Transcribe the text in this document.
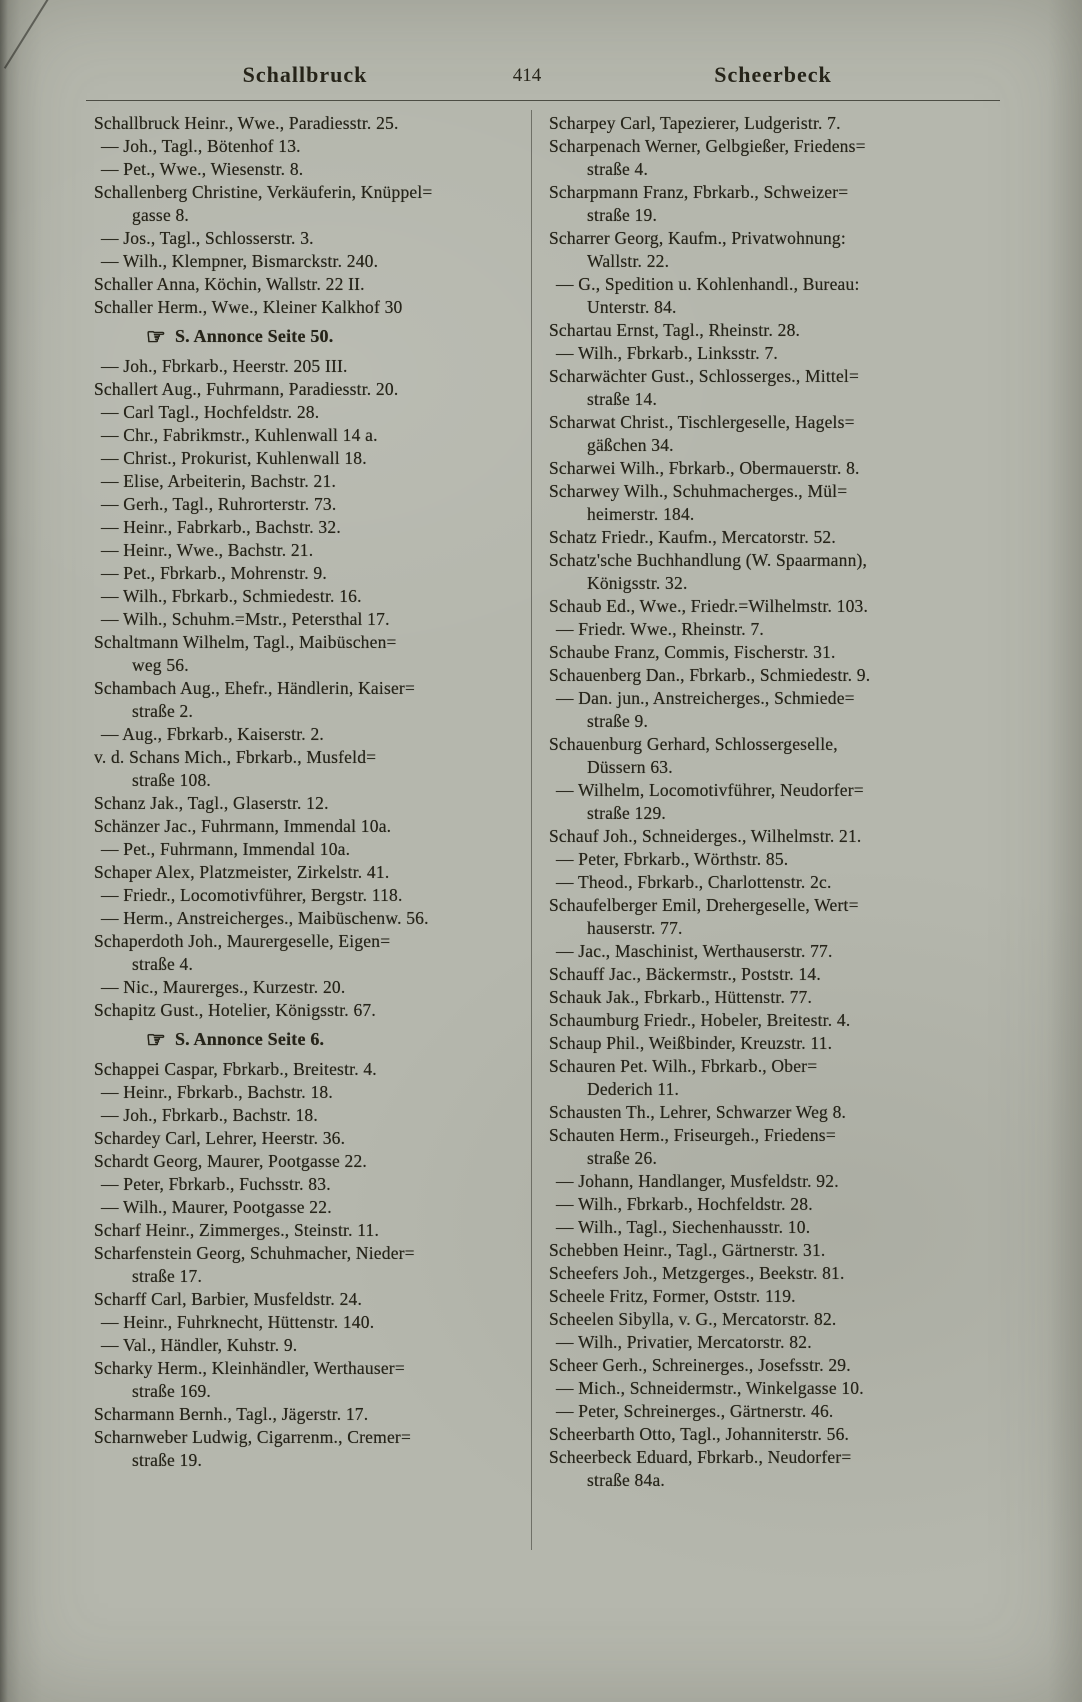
Schallbruck	414	Scheerbeck
Schallbruck Heinr., Wwe., Paradiesstr. 25.
— Joh., Tagl., Bötenhof 13.
— Pet., Wwe., Wiesenstr. 8.
Schallenberg Christine, Verkäuferin, Knüppel=
gasse 8.
— Jos., Tagl., Schlosserstr. 3.
— Wilh., Klempner, Bismarckstr. 240.
Schaller Anna, Köchin, Wallstr. 22 II.
Schaller Herm., Wwe., Kleiner Kalkhof 30
☞ S. Annonce Seite 50.
— Joh., Fbrkarb., Heerstr. 205 III.
Schallert Aug., Fuhrmann, Paradiesstr. 20.
— Carl Tagl., Hochfeldstr. 28.
— Chr., Fabrikmstr., Kuhlenwall 14 a.
— Christ., Prokurist, Kuhlenwall 18.
— Elise, Arbeiterin, Bachstr. 21.
— Gerh., Tagl., Ruhrorterstr. 73.
— Heinr., Fabrkarb., Bachstr. 32.
— Heinr., Wwe., Bachstr. 21.
— Pet., Fbrkarb., Mohrenstr. 9.
— Wilh., Fbrkarb., Schmiedestr. 16.
— Wilh., Schuhm.=Mstr., Petersthal 17.
Schaltmann Wilhelm, Tagl., Maibüschen=
weg 56.
Schambach Aug., Ehefr., Händlerin, Kaiser=
straße 2.
— Aug., Fbrkarb., Kaiserstr. 2.
v. d. Schans Mich., Fbrkarb., Musfeld=
straße 108.
Schanz Jak., Tagl., Glaserstr. 12.
Schänzer Jac., Fuhrmann, Immendal 10a.
— Pet., Fuhrmann, Immendal 10a.
Schaper Alex, Platzmeister, Zirkelstr. 41.
— Friedr., Locomotivführer, Bergstr. 118.
— Herm., Anstreicherges., Maibüschenw. 56.
Schaperdoth Joh., Maurergeselle, Eigen=
straße 4.
— Nic., Maurerges., Kurzestr. 20.
Schapitz Gust., Hotelier, Königsstr. 67.
☞ S. Annonce Seite 6.
Schappei Caspar, Fbrkarb., Breitestr. 4.
— Heinr., Fbrkarb., Bachstr. 18.
— Joh., Fbrkarb., Bachstr. 18.
Schardey Carl, Lehrer, Heerstr. 36.
Schardt Georg, Maurer, Pootgasse 22.
— Peter, Fbrkarb., Fuchsstr. 83.
— Wilh., Maurer, Pootgasse 22.
Scharf Heinr., Zimmerges., Steinstr. 11.
Scharfenstein Georg, Schuhmacher, Nieder=
straße 17.
Scharff Carl, Barbier, Musfeldstr. 24.
— Heinr., Fuhrknecht, Hüttenstr. 140.
— Val., Händler, Kuhstr. 9.
Scharky Herm., Kleinhändler, Werthauser=
straße 169.
Scharmann Bernh., Tagl., Jägerstr. 17.
Scharnweber Ludwig, Cigarrenm., Cremer=
straße 19.
Scharpey Carl, Tapezierer, Ludgeristr. 7.
Scharpenach Werner, Gelbgießer, Friedens=
straße 4.
Scharpmann Franz, Fbrkarb., Schweizer=
straße 19.
Scharrer Georg, Kaufm., Privatwohnung:
Wallstr. 22.
— G., Spedition u. Kohlenhandl., Bureau:
Unterstr. 84.
Schartau Ernst, Tagl., Rheinstr. 28.
— Wilh., Fbrkarb., Linksstr. 7.
Scharwächter Gust., Schlosserges., Mittel=
straße 14.
Scharwat Christ., Tischlergeselle, Hagels=
gäßchen 34.
Scharwei Wilh., Fbrkarb., Obermauerstr. 8.
Scharwey Wilh., Schuhmacherges., Mül=
heimerstr. 184.
Schatz Friedr., Kaufm., Mercatorstr. 52.
Schatz'sche Buchhandlung (W. Spaarmann),
Königsstr. 32.
Schaub Ed., Wwe., Friedr.=Wilhelmstr. 103.
— Friedr. Wwe., Rheinstr. 7.
Schaube Franz, Commis, Fischerstr. 31.
Schauenberg Dan., Fbrkarb., Schmiedestr. 9.
— Dan. jun., Anstreicherges., Schmiede=
straße 9.
Schauenburg Gerhard, Schlossergeselle,
Düssern 63.
— Wilhelm, Locomotivführer, Neudorfer=
straße 129.
Schauf Joh., Schneiderges., Wilhelmstr. 21.
— Peter, Fbrkarb., Wörthstr. 85.
— Theod., Fbrkarb., Charlottenstr. 2c.
Schaufelberger Emil, Drehergeselle, Wert=
hauserstr. 77.
— Jac., Maschinist, Werthauserstr. 77.
Schauff Jac., Bäckermstr., Poststr. 14.
Schauk Jak., Fbrkarb., Hüttenstr. 77.
Schaumburg Friedr., Hobeler, Breitestr. 4.
Schaup Phil., Weißbinder, Kreuzstr. 11.
Schauren Pet. Wilh., Fbrkarb., Ober=
Dederich 11.
Schausten Th., Lehrer, Schwarzer Weg 8.
Schauten Herm., Friseurgeh., Friedens=
straße 26.
— Johann, Handlanger, Musfeldstr. 92.
— Wilh., Fbrkarb., Hochfeldstr. 28.
— Wilh., Tagl., Siechenhausstr. 10.
Schebben Heinr., Tagl., Gärtnerstr. 31.
Scheefers Joh., Metzgerges., Beekstr. 81.
Scheele Fritz, Former, Oststr. 119.
Scheelen Sibylla, v. G., Mercatorstr. 82.
— Wilh., Privatier, Mercatorstr. 82.
Scheer Gerh., Schreinerges., Josefsstr. 29.
— Mich., Schneidermstr., Winkelgasse 10.
— Peter, Schreinerges., Gärtnerstr. 46.
Scheerbarth Otto, Tagl., Johanniterstr. 56.
Scheerbeck Eduard, Fbrkarb., Neudorfer=
straße 84a.
